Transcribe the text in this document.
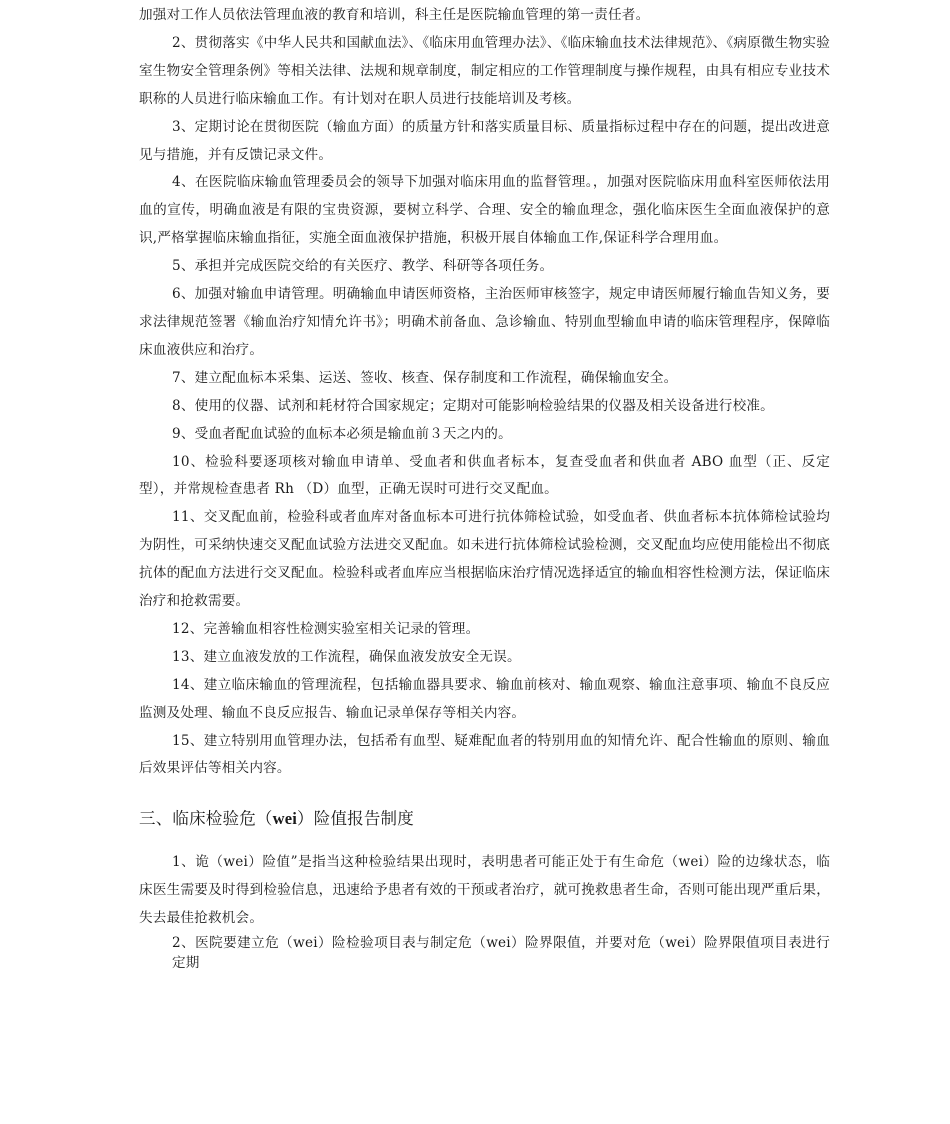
加强对工作人员依法管理血液的教育和培训，科主任是医院输血管理的第一责任者。

2、贯彻落实《中华人民共和国献血法》、《临床用血管理办法》、《临床输血技术法律规范》、《病原微生物实验室生物安全管理条例》等相关法律、法规和规章制度，制定相应的工作管理制度与操作规程，由具有相应专业技术职称的人员进行临床输血工作。有计划对在职人员进行技能培训及考核。

3、定期讨论在贯彻医院（输血方面）的质量方针和落实质量目标、质量指标过程中存在的问题，提出改进意见与措施，并有反馈记录文件。

4、在医院临床输血管理委员会的领导下加强对临床用血的监督管理。，加强对医院临床用血科室医师依法用血的宣传，明确血液是有限的宝贵资源，要树立科学、合理、安全的输血理念，强化临床医生全面血液保护的意识,严格掌握临床输血指征，实施全面血液保护措施，积极开展自体输血工作,保证科学合理用血。

5、承担并完成医院交给的有关医疗、教学、科研等各项任务。

6、加强对输血申请管理。明确输血申请医师资格，主治医师审核签字，规定申请医师履行输血告知义务，要求法律规范签署《输血治疗知情允许书》；明确术前备血、急诊输血、特别血型输血申请的临床管理程序，保障临床血液供应和治疗。

7、建立配血标本采集、运送、签收、核查、保存制度和工作流程，确保输血安全。

8、使用的仪器、试剂和耗材符合国家规定；定期对可能影响检验结果的仪器及相关设备进行校准。

9、受血者配血试验的血标本必须是输血前３天之内的。

10、检验科要逐项核对输血申请单、受血者和供血者标本，复查受血者和供血者 ABO 血型（正、反定型），并常规检查患者 Rh （D）血型，正确无误时可进行交叉配血。

11、交叉配血前，检验科或者血库对备血标本可进行抗体筛检试验，如受血者、供血者标本抗体筛检试验均为阴性，可采纳快速交叉配血试验方法进交叉配血。如未进行抗体筛检试验检测，交叉配血均应使用能检出不彻底抗体的配血方法进行交叉配血。检验科或者血库应当根据临床治疗情况选择适宜的输血相容性检测方法，保证临床治疗和抢救需要。

12、完善输血相容性检测实验室相关记录的管理。

13、建立血液发放的工作流程，确保血液发放安全无误。

14、建立临床输血的管理流程，包括输血器具要求、输血前核对、输血观察、输血注意事项、输血不良反应监测及处理、输血不良反应报告、输血记录单保存等相关内容。

15、建立特别用血管理办法，包括希有血型、疑难配血者的特别用血的知情允许、配合性输血的原则、输血后效果评估等相关内容。

三、临床检验危（wei）险值报告制度

1、诡（wei）险值”是指当这种检验结果出现时，表明患者可能正处于有生命危（wei）险的边缘状态，临床医生需要及时得到检验信息，迅速给予患者有效的干预或者治疗，就可挽救患者生命，否则可能出现严重后果，失去最佳抢救机会。

2、医院要建立危（wei）险检验项目表与制定危（wei）险界限值，并要对危（wei）险界限值项目表进行定期
